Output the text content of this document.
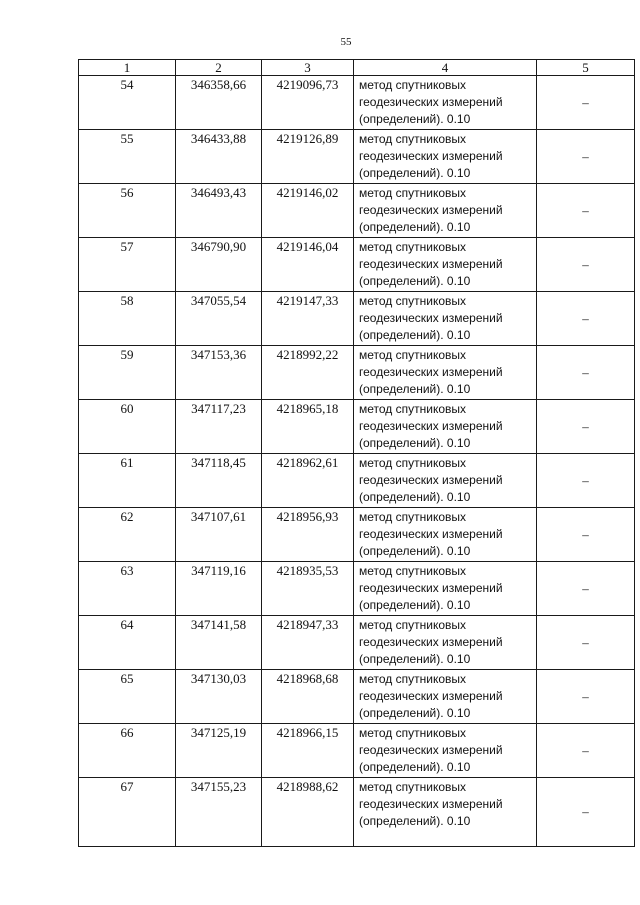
55
1	2	3	4	5
54	346358,66	4219096,73	метод спутниковых
геодезических измерений
(определений). 0.10	–
55	346433,88	4219126,89	метод спутниковых
геодезических измерений
(определений). 0.10	–
56	346493,43	4219146,02	метод спутниковых
геодезических измерений
(определений). 0.10	–
57	346790,90	4219146,04	метод спутниковых
геодезических измерений
(определений). 0.10	–
58	347055,54	4219147,33	метод спутниковых
геодезических измерений
(определений). 0.10	–
59	347153,36	4218992,22	метод спутниковых
геодезических измерений
(определений). 0.10	–
60	347117,23	4218965,18	метод спутниковых
геодезических измерений
(определений). 0.10	–
61	347118,45	4218962,61	метод спутниковых
геодезических измерений
(определений). 0.10	–
62	347107,61	4218956,93	метод спутниковых
геодезических измерений
(определений). 0.10	–
63	347119,16	4218935,53	метод спутниковых
геодезических измерений
(определений). 0.10	–
64	347141,58	4218947,33	метод спутниковых
геодезических измерений
(определений). 0.10	–
65	347130,03	4218968,68	метод спутниковых
геодезических измерений
(определений). 0.10	–
66	347125,19	4218966,15	метод спутниковых
геодезических измерений
(определений). 0.10	–
67	347155,23	4218988,62	метод спутниковых
геодезических измерений
(определений). 0.10	–
